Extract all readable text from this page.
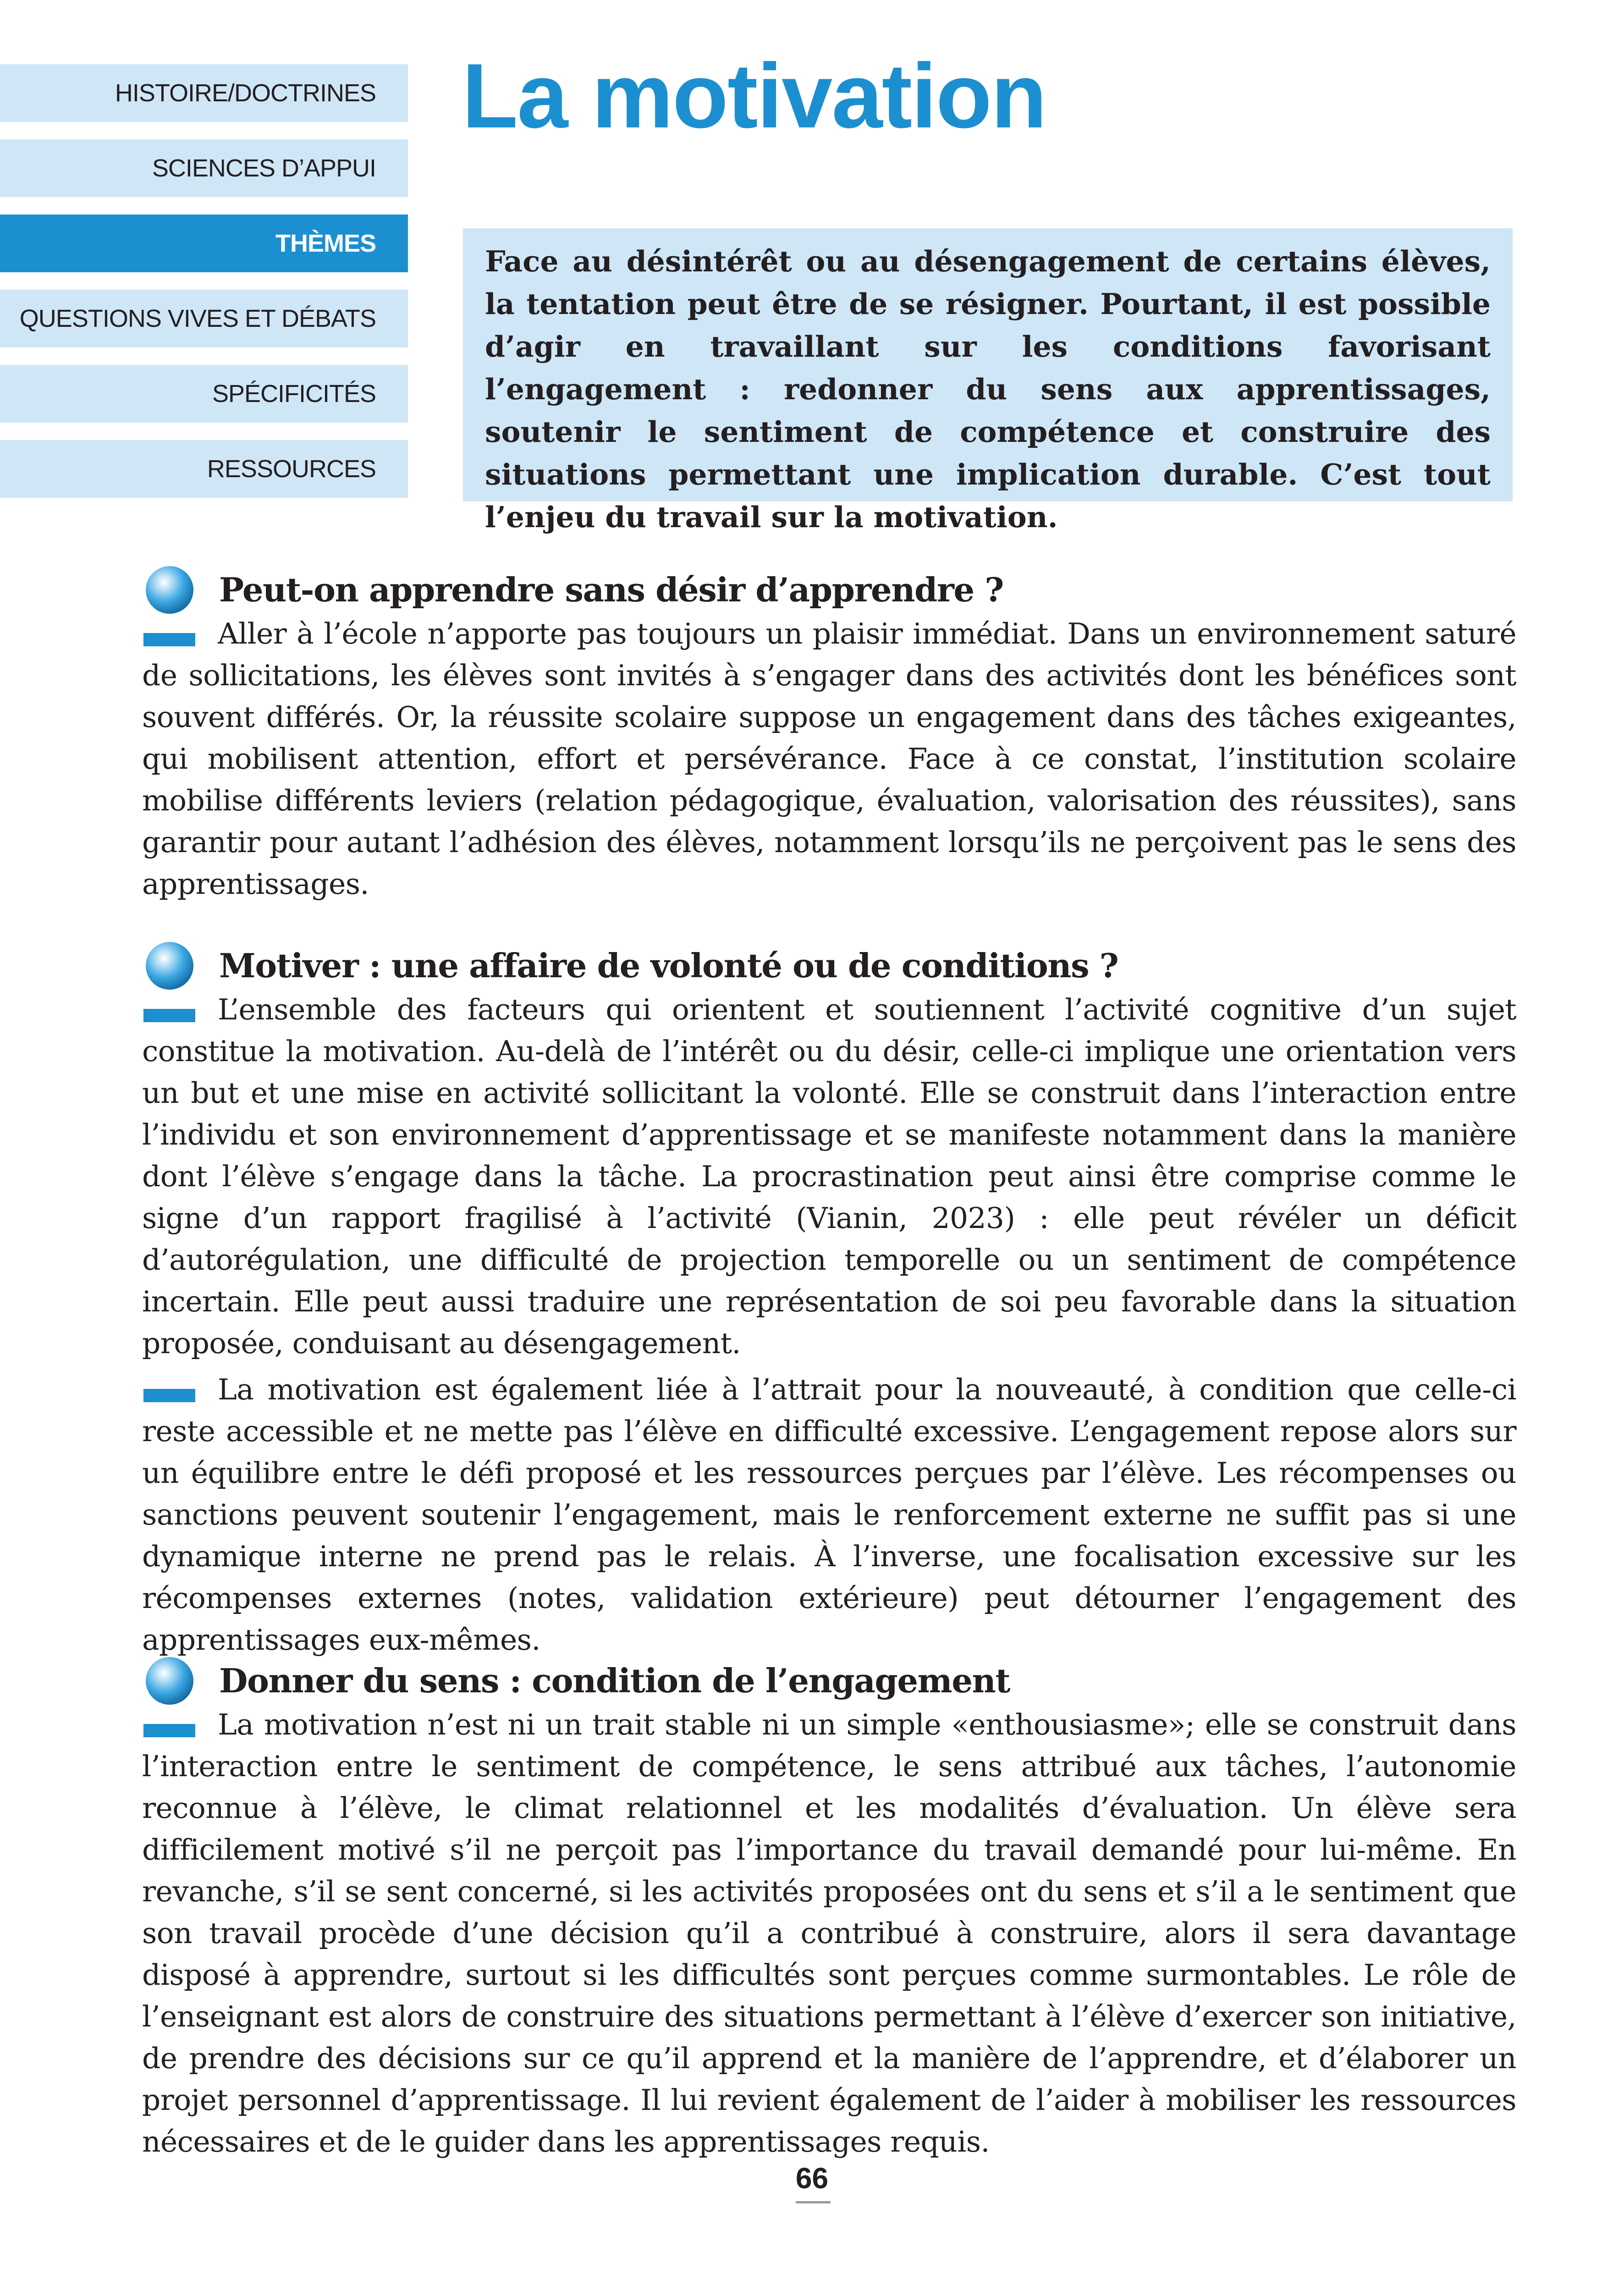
HISTOIRE/DOCTRINES
SCIENCES D’APPUI
THÈMES
QUESTIONS VIVES ET DÉBATS
SPÉCIFICITÉS
RESSOURCES
La motivation

Face au désintérêt ou au désengagement de certains élèves, la tentation peut être de se résigner. Pourtant, il est possible d’agir en travaillant sur les conditions favorisant l’engagement : redonner du sens aux apprentissages, soutenir le sentiment de compétence et construire des situations permettant une implication durable. C’est tout l’enjeu du travail sur la motivation.

Peut-on apprendre sans désir d’apprendre ?

Aller à l’école n’apporte pas toujours un plaisir immédiat. Dans un environnement saturé de sollicitations, les élèves sont invités à s’engager dans des activités dont les bénéfices sont souvent différés. Or, la réussite scolaire suppose un engagement dans des tâches exigeantes, qui mobilisent attention, effort et persévérance. Face à ce constat, l’institution scolaire mobilise différents leviers (relation pédagogique, évaluation, valorisation des réussites), sans garantir pour autant l’adhésion des élèves, notamment lorsqu’ils ne perçoivent pas le sens des apprentissages.

Motiver : une affaire de volonté ou de conditions ?

L’ensemble des facteurs qui orientent et soutiennent l’activité cognitive d’un sujet constitue la motivation. Au-delà de l’intérêt ou du désir, celle-ci implique une orientation vers un but et une mise en activité sollicitant la volonté. Elle se construit dans l’interaction entre l’individu et son environnement d’apprentissage et se manifeste notamment dans la manière dont l’élève s’engage dans la tâche. La procrastination peut ainsi être comprise comme le signe d’un rapport fragilisé à l’activité (Vianin, 2023) : elle peut révéler un déficit d’autorégulation, une difficulté de projection temporelle ou un sentiment de compétence incertain. Elle peut aussi traduire une représentation de soi peu favorable dans la situation proposée, conduisant au désengagement.

La motivation est également liée à l’attrait pour la nouveauté, à condition que celle-ci reste accessible et ne mette pas l’élève en difficulté excessive. L’engagement repose alors sur un équilibre entre le défi proposé et les ressources perçues par l’élève. Les récompenses ou sanctions peuvent soutenir l’engagement, mais le renforcement externe ne suffit pas si une dynamique interne ne prend pas le relais. À l’inverse, une focalisation excessive sur les récompenses externes (notes, validation extérieure) peut détourner l’engagement des apprentissages eux-mêmes.

Donner du sens : condition de l’engagement

La motivation n’est ni un trait stable ni un simple «enthousiasme»; elle se construit dans l’interaction entre le sentiment de compétence, le sens attribué aux tâches, l’autonomie reconnue à l’élève, le climat relationnel et les modalités d’évaluation. Un élève sera difficilement motivé s’il ne perçoit pas l’importance du travail demandé pour lui-même. En revanche, s’il se sent concerné, si les activités proposées ont du sens et s’il a le sentiment que son travail procède d’une décision qu’il a contribué à construire, alors il sera davantage disposé à apprendre, surtout si les difficultés sont perçues comme surmontables. Le rôle de l’enseignant est alors de construire des situations permettant à l’élève d’exercer son initiative, de prendre des décisions sur ce qu’il apprend et la manière de l’apprendre, et d’élaborer un projet personnel d’apprentissage. Il lui revient également de l’aider à mobiliser les ressources nécessaires et de le guider dans les apprentissages requis.

66
